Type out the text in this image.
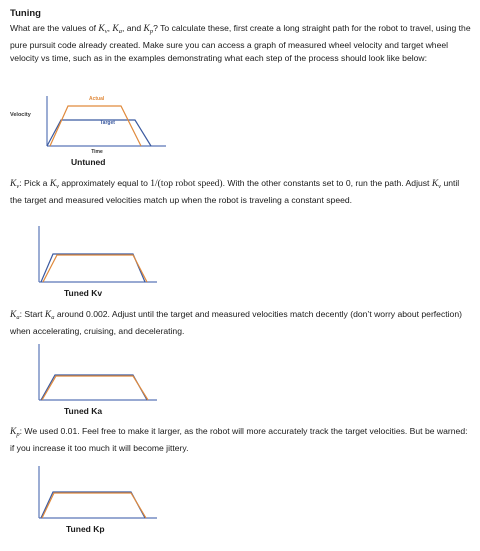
Tuning
What are the values of $K_v$, $K_a$, and $K_p$? To calculate these, first create a long straight path for the robot to travel, using the pure pursuit code already created. Make sure you can access a graph of measured wheel velocity and target wheel velocity vs time, such as in the examples demonstrating what each step of the process should look like below:
Velocity
Actual
Target
Time
Untuned
$K_v$: Pick a $K_v$ approximately equal to 1/(top robot speed). With the other constants set to 0, run the path. Adjust $K_v$ until the target and measured velocities match up when the robot is traveling a constant speed.
Tuned Kv
$K_a$: Start $K_a$ around 0.002. Adjust until the target and measured velocities match decently (don’t worry about perfection) when accelerating, cruising, and decelerating.
Tuned Ka
$K_p$: We used 0.01. Feel free to make it larger, as the robot will more accurately track the target velocities. But be warned: if you increase it too much it will become jittery.
Tuned Kp
